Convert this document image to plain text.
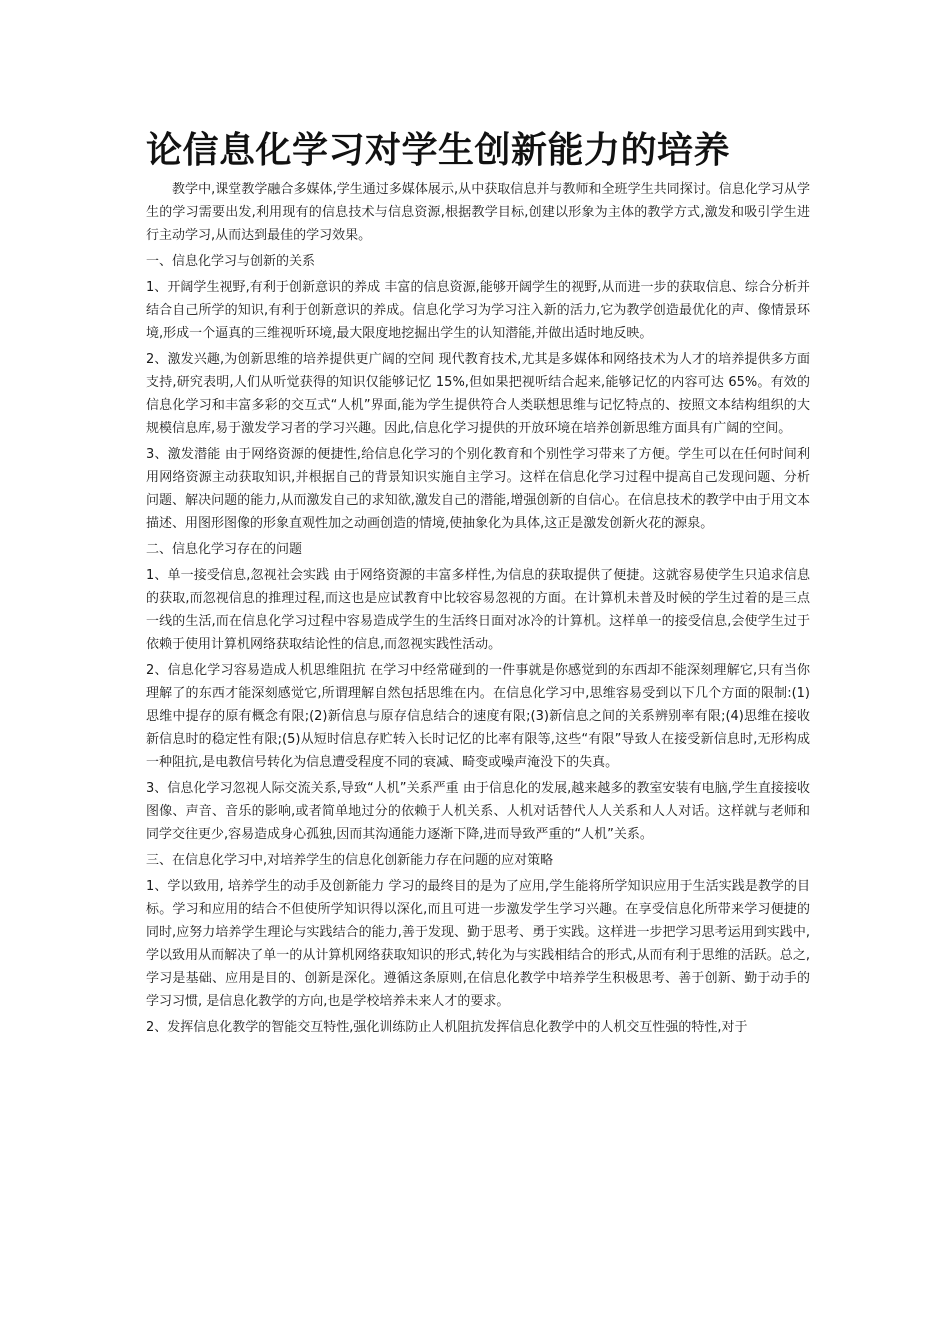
论信息化学习对学生创新能力的培养

教学中,课堂教学融合多媒体,学生通过多媒体展示,从中获取信息并与教师和全班学生共同探讨。信息化学习从学生的学习需要出发,利用现有的信息技术与信息资源,根据教学目标,创建以形象为主体的教学方式,激发和吸引学生进行主动学习,从而达到最佳的学习效果。

一、信息化学习与创新的关系

1、开阔学生视野,有利于创新意识的养成 丰富的信息资源,能够开阔学生的视野,从而进一步的获取信息、综合分析并结合自己所学的知识,有利于创新意识的养成。信息化学习为学习注入新的活力,它为教学创造最优化的声、像情景环境,形成一个逼真的三维视听环境,最大限度地挖掘出学生的认知潜能,并做出适时地反映。

2、激发兴趣,为创新思维的培养提供更广阔的空间 现代教育技术,尤其是多媒体和网络技术为人才的培养提供多方面支持,研究表明,人们从听觉获得的知识仅能够记忆 15%,但如果把视听结合起来,能够记忆的内容可达 65%。有效的信息化学习和丰富多彩的交互式“人机”界面,能为学生提供符合人类联想思维与记忆特点的、按照文本结构组织的大规模信息库,易于激发学习者的学习兴趣。因此,信息化学习提供的开放环境在培养创新思维方面具有广阔的空间。

3、激发潜能 由于网络资源的便捷性,给信息化学习的个别化教育和个别性学习带来了方便。学生可以在任何时间利用网络资源主动获取知识,并根据自己的背景知识实施自主学习。这样在信息化学习过程中提高自己发现问题、分析问题、解决问题的能力,从而激发自己的求知欲,激发自己的潜能,增强创新的自信心。在信息技术的教学中由于用文本描述、用图形图像的形象直观性加之动画创造的情境,使抽象化为具体,这正是激发创新火花的源泉。

二、信息化学习存在的问题

1、单一接受信息,忽视社会实践 由于网络资源的丰富多样性,为信息的获取提供了便捷。这就容易使学生只追求信息的获取,而忽视信息的推理过程,而这也是应试教育中比较容易忽视的方面。在计算机未普及时候的学生过着的是三点一线的生活,而在信息化学习过程中容易造成学生的生活终日面对冰冷的计算机。这样单一的接受信息,会使学生过于依赖于使用计算机网络获取结论性的信息,而忽视实践性活动。

2、信息化学习容易造成人机思维阻抗 在学习中经常碰到的一件事就是你感觉到的东西却不能深刻理解它,只有当你理解了的东西才能深刻感觉它,所谓理解自然包括思维在内。在信息化学习中,思维容易受到以下几个方面的限制:(1)思维中提存的原有概念有限;(2)新信息与原存信息结合的速度有限;(3)新信息之间的关系辨别率有限;(4)思维在接收新信息时的稳定性有限;(5)从短时信息存贮转入长时记忆的比率有限等,这些“有限”导致人在接受新信息时,无形构成一种阻抗,是电教信号转化为信息遭受程度不同的衰减、畸变或噪声淹没下的失真。

3、信息化学习忽视人际交流关系,导致“人机”关系严重 由于信息化的发展,越来越多的教室安装有电脑,学生直接接收图像、声音、音乐的影响,或者简单地过分的依赖于人机关系、人机对话替代人人关系和人人对话。这样就与老师和同学交往更少,容易造成身心孤独,因而其沟通能力逐渐下降,进而导致严重的“人机”关系。

三、在信息化学习中,对培养学生的信息化创新能力存在问题的应对策略

1、学以致用, 培养学生的动手及创新能力 学习的最终目的是为了应用,学生能将所学知识应用于生活实践是教学的目标。学习和应用的结合不但使所学知识得以深化,而且可进一步激发学生学习兴趣。在享受信息化所带来学习便捷的同时,应努力培养学生理论与实践结合的能力,善于发现、勤于思考、勇于实践。这样进一步把学习思考运用到实践中,学以致用从而解决了单一的从计算机网络获取知识的形式,转化为与实践相结合的形式,从而有利于思维的活跃。总之,学习是基础、应用是目的、创新是深化。遵循这条原则,在信息化教学中培养学生积极思考、善于创新、勤于动手的学习习惯, 是信息化教学的方向,也是学校培养未来人才的要求。

2、发挥信息化教学的智能交互特性,强化训练防止人机阻抗发挥信息化教学中的人机交互性强的特性,对于
